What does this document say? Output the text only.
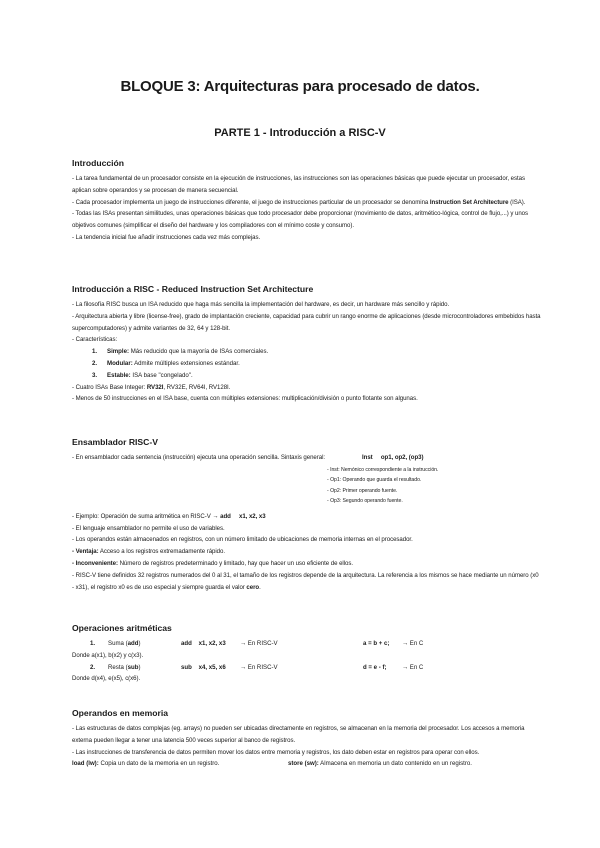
BLOQUE 3: Arquitecturas para procesado de datos.
PARTE 1 - Introducción a RISC-V
Introducción

- La tarea fundamental de un procesador consiste en la ejecución de instrucciones, las instrucciones son las operaciones básicas que puede ejecutar un procesador, estas aplican sobre operandos y se procesan de manera secuencial.

- Cada procesador implementa un juego de instrucciones diferente, el juego de instrucciones particular de un procesador se denomina Instruction Set Architecture (ISA).

- Todas las ISAs presentan similitudes, unas operaciones básicas que todo procesador debe proporcionar (movimiento de datos, aritmético-lógica, control de flujo,...) y unos objetivos comunes (simplificar el diseño del hardware y los compiladores con el mínimo coste y consumo).

- La tendencia inicial fue añadir instrucciones cada vez más complejas.

Introducción a RISC - Reduced Instruction Set Architecture

- La filosofía RISC busca un ISA reducido que haga más sencilla la implementación del hardware, es decir, un hardware más sencillo y rápido.

- Arquitectura abierta y libre (license-free), grado de implantación creciente, capacidad para cubrir un rango enorme de aplicaciones (desde microcontroladores embebidos hasta supercomputadores) y admite variantes de 32, 64 y 128-bit.

- Características:

1. Simple: Más reducido que la mayoría de ISAs comerciales.
2. Modular: Admite múltiples extensiones estándar.
3. Estable: ISA base "congelado".

- Cuatro ISAs Base Integer: RV32I, RV32E, RV64I, RV128I.

- Menos de 50 instrucciones en el ISA base, cuenta con múltiples extensiones: multiplicación/división o punto flotante son algunas.

Ensamblador RISC-V

- En ensamblador cada sentencia (instrucción) ejecuta una operación sencilla. Sintaxis general:	Inst     op1, op2, (op3)

- Inst: Nemónico correspondiente a la instrucción.

- Op1: Operando que guarda el resultado.

- Op2: Primer operando fuente.

- Op3: Segundo operando fuente.

- Ejemplo: Operación de suma aritmética en RISC-V → add     x1, x2, x3

- El lenguaje ensamblador no permite el uso de variables.

- Los operandos están almacenados en registros, con un número limitado de ubicaciones de memoria internas en el procesador.

- Ventaja: Acceso a los registros extremadamente rápido.

- Inconveniente: Número de registros predeterminado y limitado, hay que hacer un uso eficiente de ellos.

- RISC-V tiene definidos 32 registros numerados del 0 al 31, el tamaño de los registros depende de la arquitectura. La referencia a los mismos se hace mediante un número (x0 - x31), el registro x0 es de uso especial y siempre guarda el valor cero.

Operaciones aritméticas
1. Suma (add)	add    x1, x2, x3 → En RISC-V	a = b + c; → En C

Donde a(x1), b(x2) y c(x3).

2. Resta (sub)	sub    x4, x5, x6 → En RISC-V	d = e - f;	→ En C

Donde d(x4), e(x5), c(x6).

Operandos en memoria

- Las estructuras de datos complejas (eg. arrays) no pueden ser ubicadas directamente en registros, se almacenan en la memoria del procesador. Los accesos a memoria externa pueden llegar a tener una latencia 500 veces superior al banco de registros.

- Las instrucciones de transferencia de datos permiten mover los datos entre memoria y registros, los dato deben estar en registros para operar con ellos.

load (lw): Copia un dato de la memoria en un registro.	store (sw): Almacena en memoria un dato contenido en un registro.
